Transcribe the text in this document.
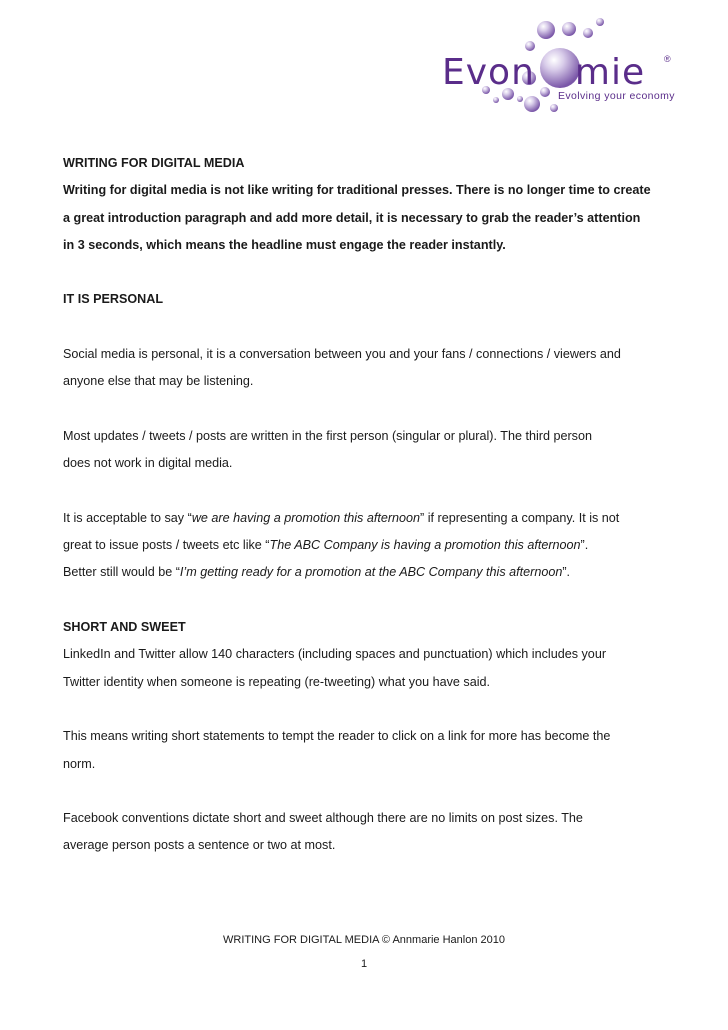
Evon mie ®
Evolving your economy

WRITING FOR DIGITAL MEDIA

Writing for digital media is not like writing for traditional presses. There is no longer time to create

a great introduction paragraph and add more detail, it is necessary to grab the reader’s attention

in 3 seconds, which means the headline must engage the reader instantly.

IT IS PERSONAL

Social media is personal, it is a conversation between you and your fans / connections / viewers and

anyone else that may be listening.

Most updates / tweets / posts are written in the first person (singular or plural). The third person

does not work in digital media.

It is acceptable to say “we are having a promotion this afternoon” if representing a company. It is not

great to issue posts / tweets etc like “The ABC Company is having a promotion this afternoon”.

Better still would be “I’m getting ready for a promotion at the ABC Company this afternoon”.

SHORT AND SWEET

LinkedIn and Twitter allow 140 characters (including spaces and punctuation) which includes your

Twitter identity when someone is repeating (re-tweeting) what you have said.

This means writing short statements to tempt the reader to click on a link for more has become the

norm.

Facebook conventions dictate short and sweet although there are no limits on post sizes. The

average person posts a sentence or two at most.

WRITING FOR DIGITAL MEDIA © Annmarie Hanlon 2010
1
